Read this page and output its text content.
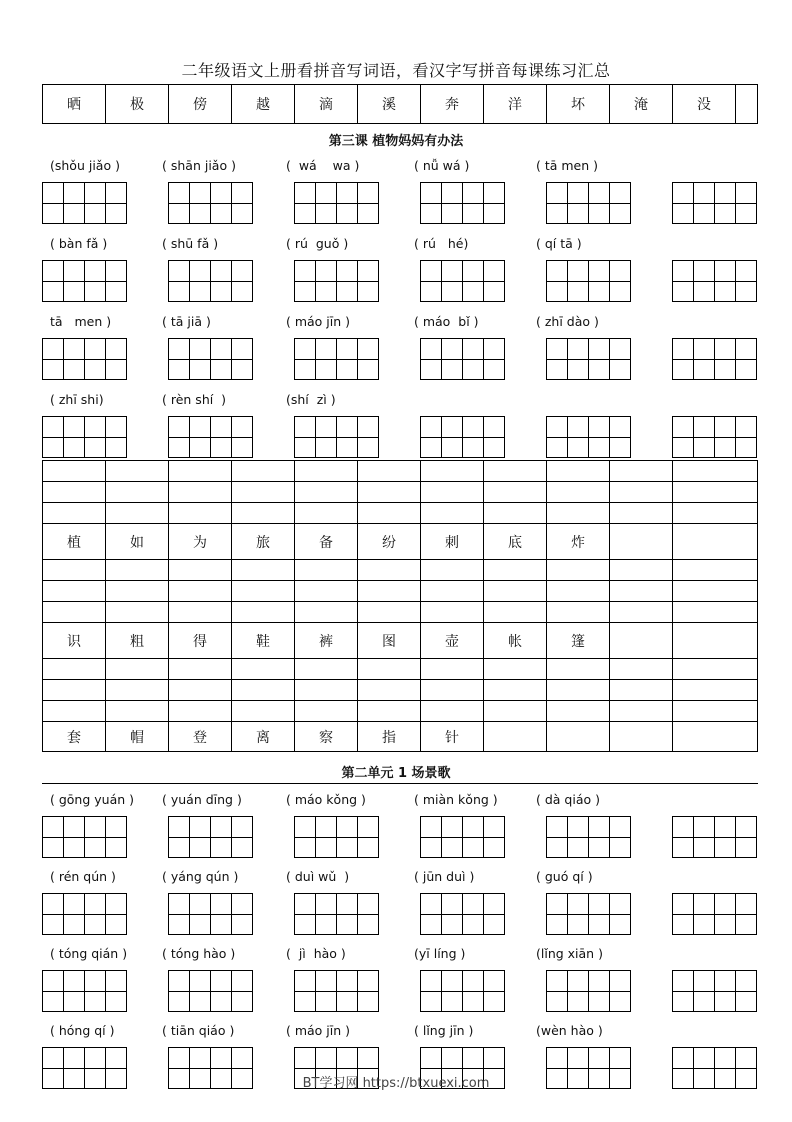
二年级语文上册看拼音写词语，看汉字写拼音每课练习汇总
晒	极	傍	越	滴	溪	奔	洋	坏	淹	没
第三课 植物妈妈有办法
(shǒu jiǎo )	( shān jiǎo )	(  wá    wa )	( nǚ wá )	( tā men )
( bàn fǎ )	( shū fǎ )	( rú  guǒ )	( rú   hé)	( qí tā )
tā   men )	( tā jiā )	( máo jīn )	( máo  bǐ )	( zhī dào )
( zhī shi)	( rèn shí  )	(shí  zì )

植	如	为	旅	备	纷	刺	底	炸		

识	粗	得	鞋	裤	图	壶	帐	篷		

套	帽	登	离	察	指	针				
第二单元 1 场景歌
( gōng yuán ) ( yuán dīng )	( máo kǒng )	( miàn kǒng )	( dà qiáo )
( rén qún )	( yáng qún )	( duì wǔ  )	( jūn duì )	( guó qí )
( tóng qián )	( tóng hào )	(  jì  hào )	(yī líng )	(lǐng xiān )
( hóng qí )	( tiān qiáo )	( máo jīn )	( lǐng jīn )	(wèn hào )
BT学习网 https://btxuexi.com
